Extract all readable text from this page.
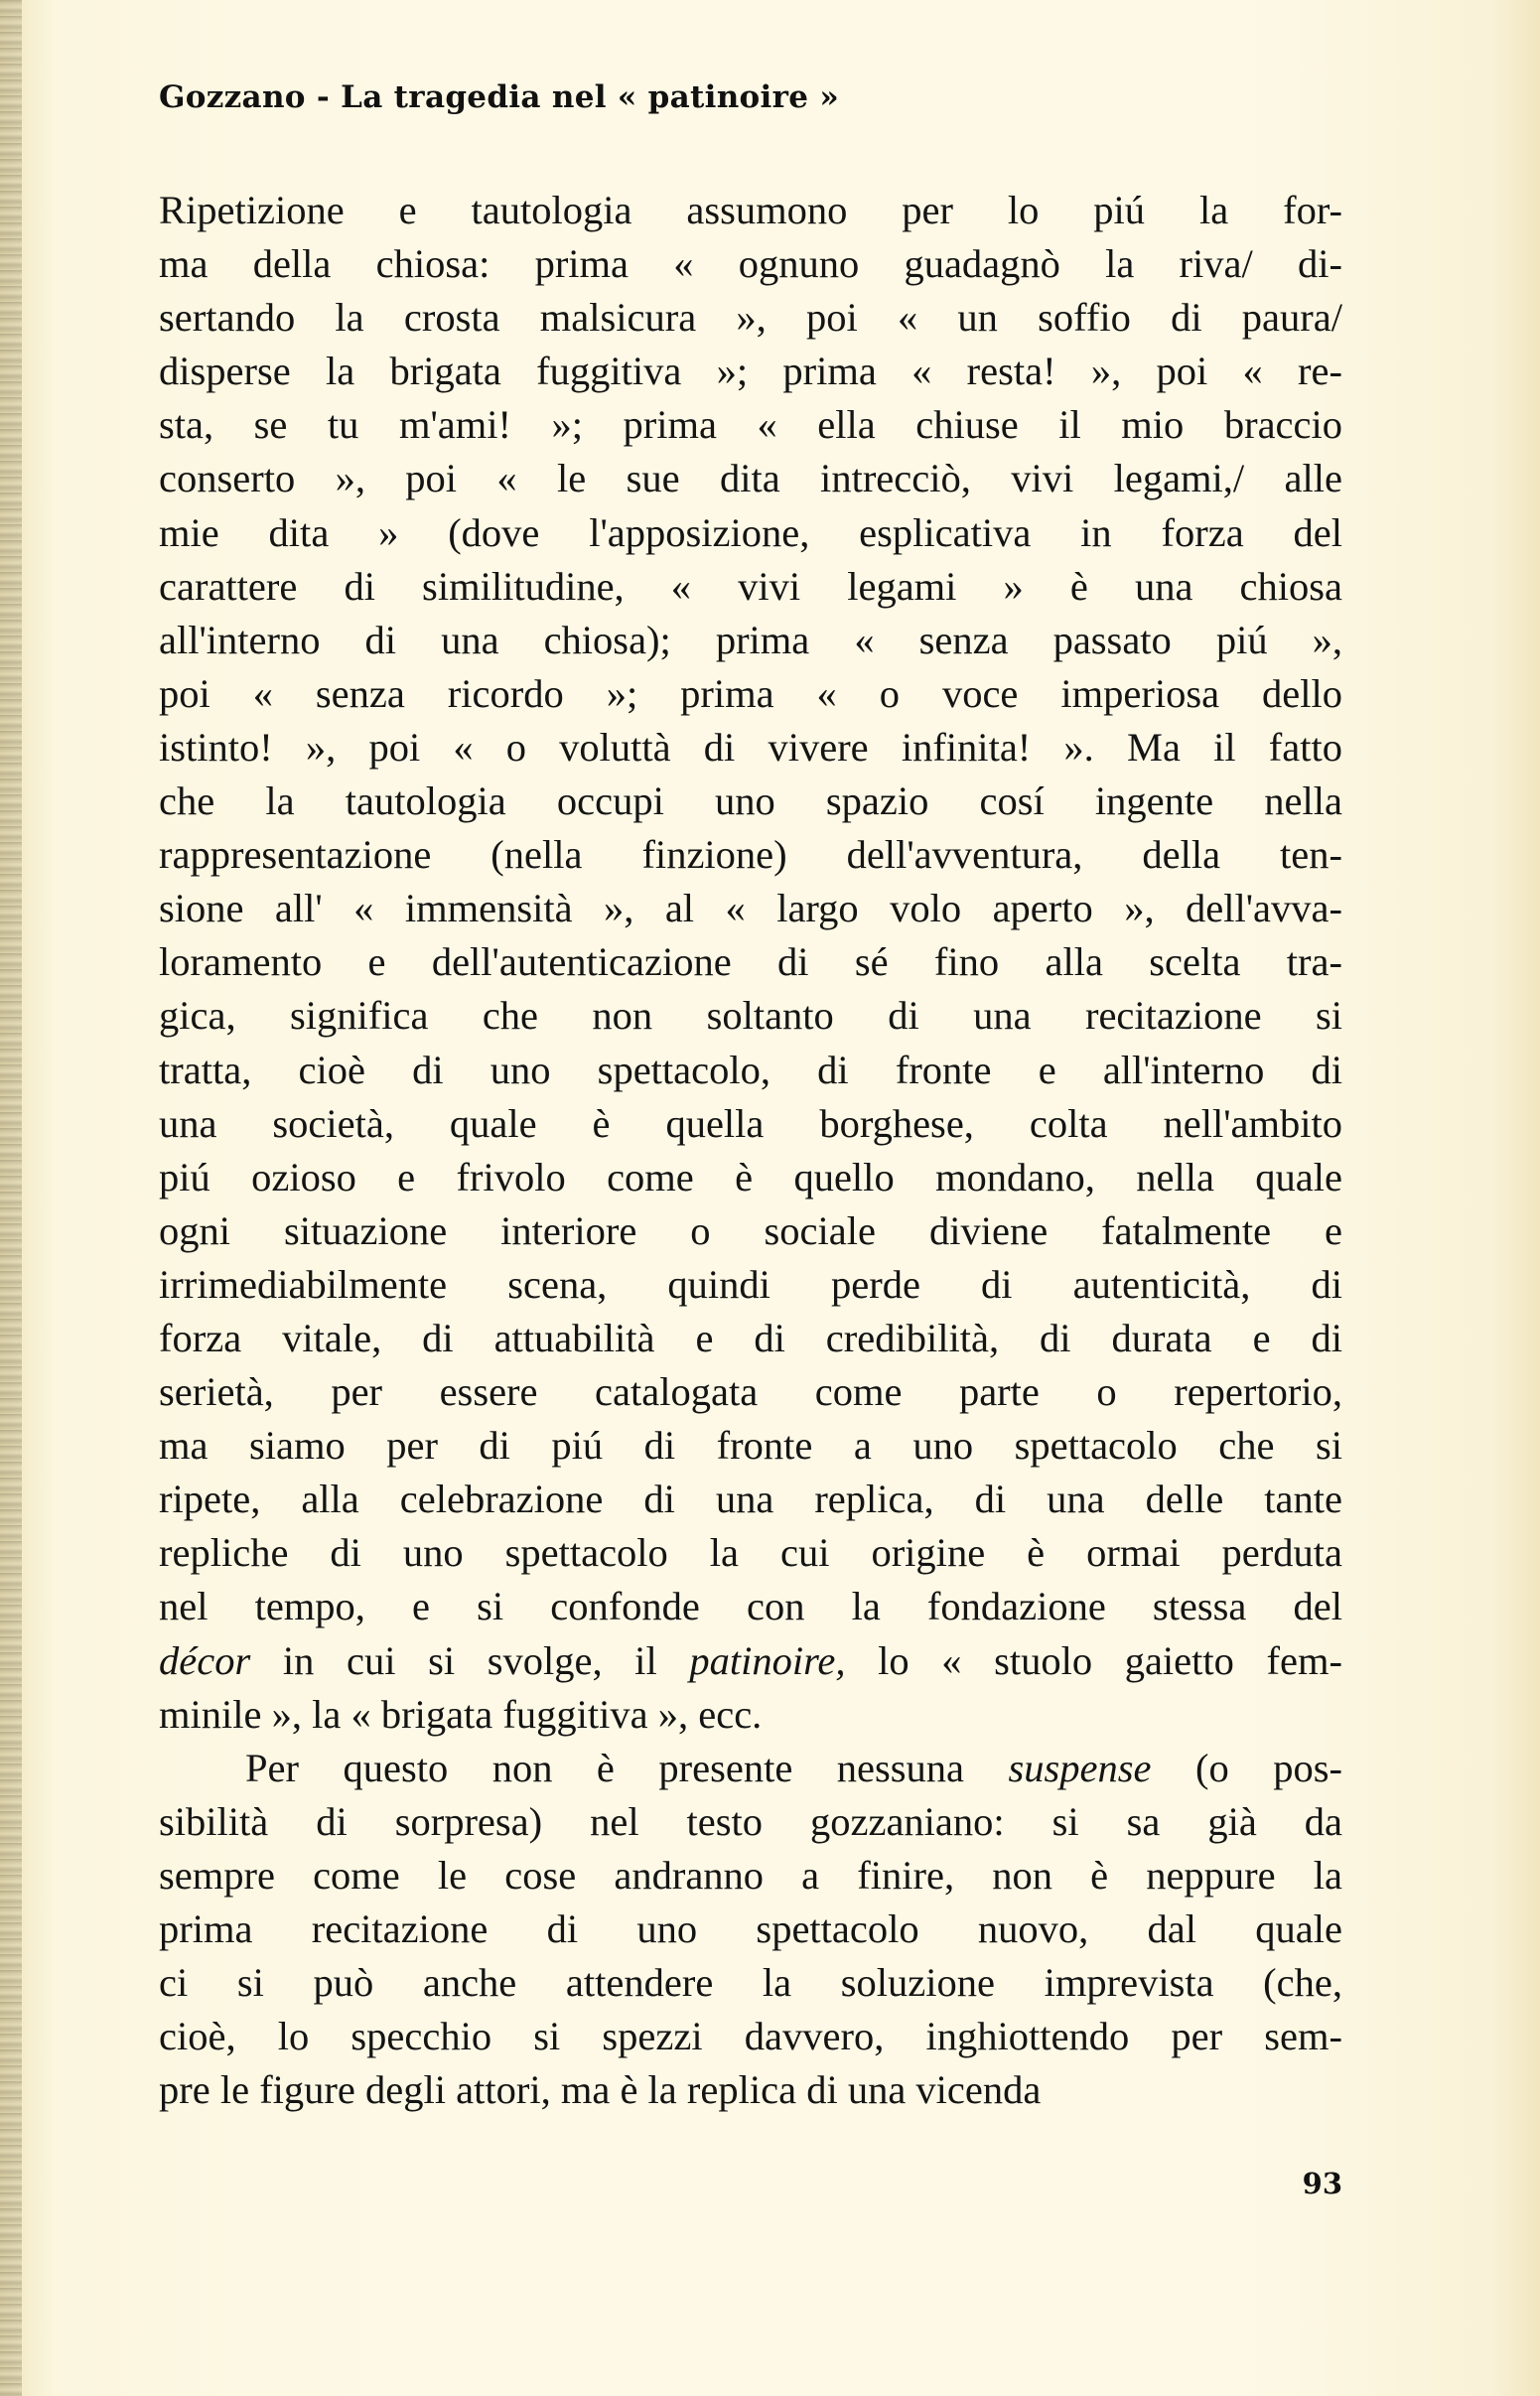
Gozzano - La tragedia nel « patinoire »
Ripetizione e tautologia assumono per lo piú la for-
ma della chiosa: prima « ognuno guadagnò la riva/ di-
sertando la crosta malsicura », poi « un soffio di paura/
disperse la brigata fuggitiva »; prima « resta! », poi « re-
sta, se tu m'ami! »; prima « ella chiuse il mio braccio
conserto », poi « le sue dita intrecciò, vivi legami,/ alle
mie dita » (dove l'apposizione, esplicativa in forza del
carattere di similitudine, « vivi legami » è una chiosa
all'interno di una chiosa); prima « senza passato piú »,
poi « senza ricordo »; prima « o voce imperiosa dello
istinto! », poi « o voluttà di vivere infinita! ». Ma il fatto
che la tautologia occupi uno spazio cosí ingente nella
rappresentazione (nella finzione) dell'avventura, della ten-
sione all' « immensità », al « largo volo aperto », dell'avva-
loramento e dell'autenticazione di sé fino alla scelta tra-
gica, significa che non soltanto di una recitazione si
tratta, cioè di uno spettacolo, di fronte e all'interno di
una società, quale è quella borghese, colta nell'ambito
piú ozioso e frivolo come è quello mondano, nella quale
ogni situazione interiore o sociale diviene fatalmente e
irrimediabilmente scena, quindi perde di autenticità, di
forza vitale, di attuabilità e di credibilità, di durata e di
serietà, per essere catalogata come parte o repertorio,
ma siamo per di piú di fronte a uno spettacolo che si
ripete, alla celebrazione di una replica, di una delle tante
repliche di uno spettacolo la cui origine è ormai perduta
nel tempo, e si confonde con la fondazione stessa del
décor in cui si svolge, il patinoire, lo « stuolo gaietto fem-
minile », la « brigata fuggitiva », ecc.
Per questo non è presente nessuna suspense (o pos-
sibilità di sorpresa) nel testo gozzaniano: si sa già da
sempre come le cose andranno a finire, non è neppure la
prima recitazione di uno spettacolo nuovo, dal quale
ci si può anche attendere la soluzione imprevista (che,
cioè, lo specchio si spezzi davvero, inghiottendo per sem-
pre le figure degli attori, ma è la replica di una vicenda
93
